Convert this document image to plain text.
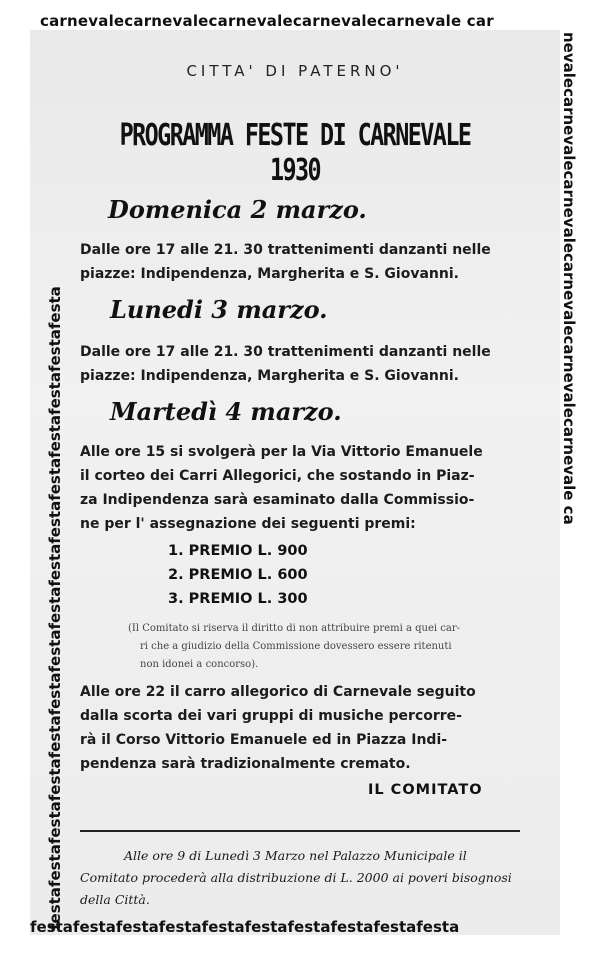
carnevalecarnevalecarnevalecarnevalecarnevale car
festafestafestafestafestafestafestafestafestafesta
festafestafestafestafestafestafestafestafestafestafestafestafestafestafesta
nevalecarnevalecarnevalecarnevalecarnevalecarnevale ca
CITTA' DI PATERNO'
PROGRAMMA FESTE DI CARNEVALE 1930
Domenica 2 marzo.
Dalle ore 17 alle 21. 30 trattenimenti danzanti nelle
piazze: Indipendenza, Margherita e S. Giovanni.
Lunedi 3 marzo.
Dalle ore 17 alle 21. 30 trattenimenti danzanti nelle
piazze: Indipendenza, Margherita e S. Giovanni.
Martedì 4 marzo.
Alle ore 15 si svolgerà per la Via Vittorio Emanuele
il corteo dei Carri Allegorici, che sostando in Piaz-
za Indipendenza sarà esaminato dalla Commissio-
ne per l' assegnazione dei seguenti premi:
1. PREMIO L. 900
2. PREMIO L. 600
3. PREMIO L. 300
(Il Comitato si riserva il diritto di non attribuire premi a quei car-
ri che a giudizio della Commissione dovessero essere ritenuti
non idonei a concorso).
Alle ore 22 il carro allegorico di Carnevale seguito
dalla scorta dei vari gruppi di musiche percorre-
rà il Corso Vittorio Emanuele ed in Piazza Indi-
pendenza sarà tradizionalmente cremato.
IL COMITATO
Alle ore 9 di Lunedì 3 Marzo nel Palazzo Municipale il
Comitato procederà alla distribuzione di L. 2000 ai poveri bisognosi
della Città.
